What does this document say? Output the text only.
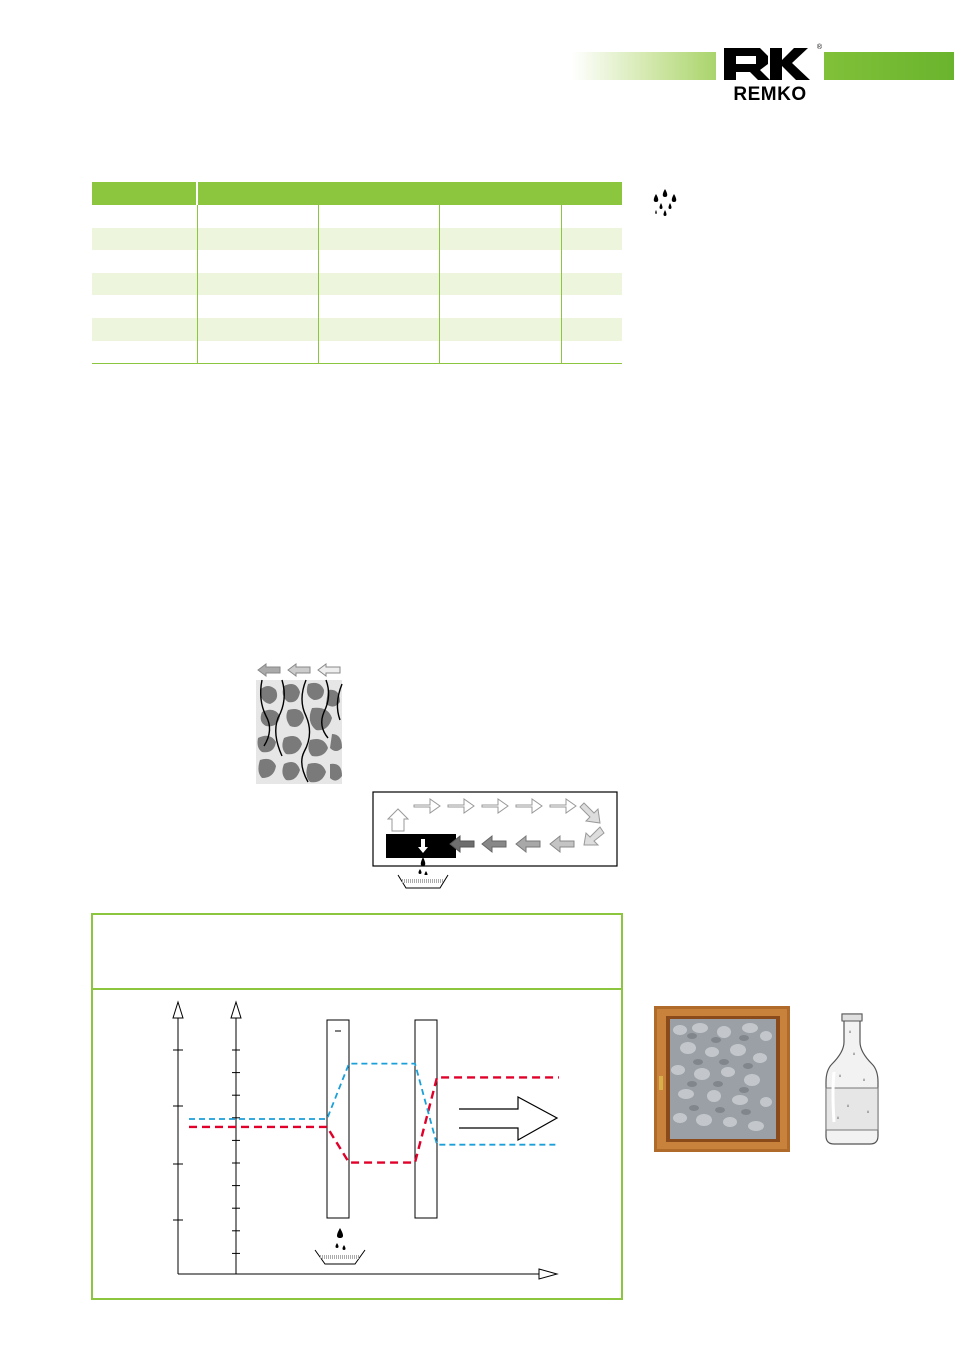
REMKO
®
